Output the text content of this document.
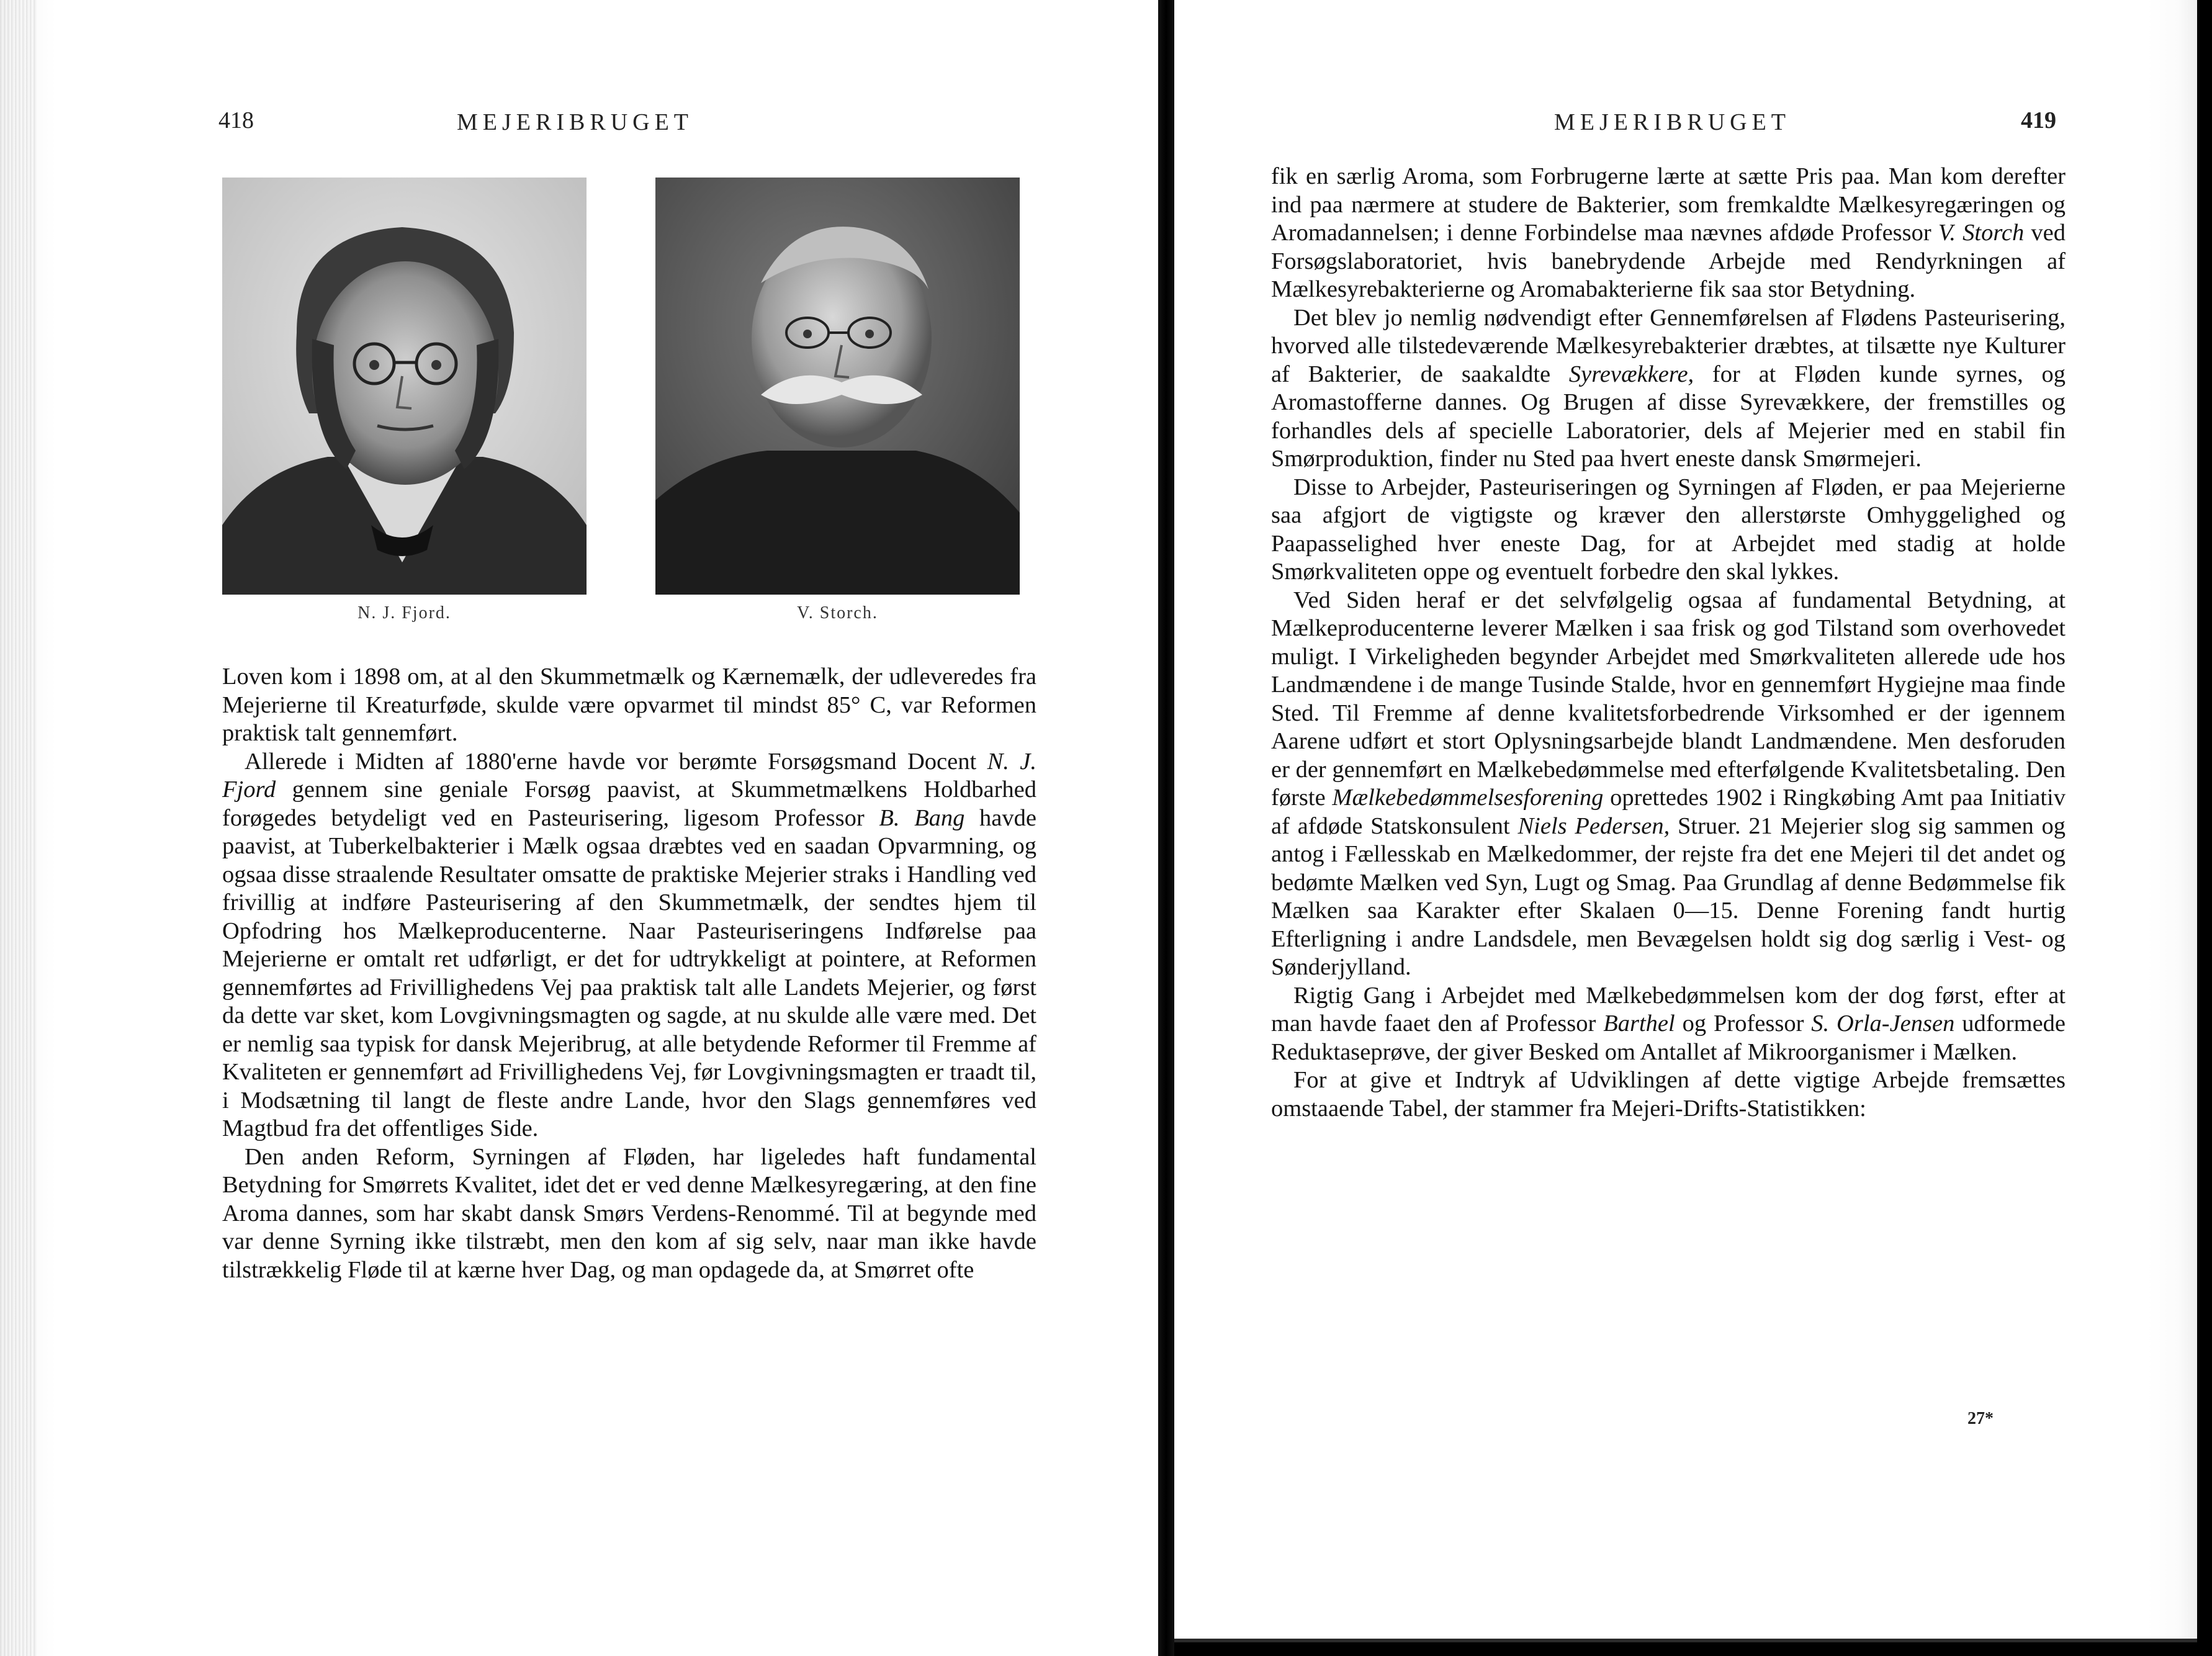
418	MEJERIBRUGET
N. J. Fjord.	V. Storch.

Loven kom i 1898 om, at al den Skummetmælk og Kærnemælk, der udleveredes fra Mejerierne til Kreaturføde, skulde være opvarmet til mindst 85° C, var Reformen praktisk talt gennemført.

Allerede i Midten af 1880'erne havde vor berømte Forsøgsmand Docent N. J. Fjord gennem sine geniale Forsøg paavist, at Skummetmælkens Holdbarhed forøgedes betydeligt ved en Pasteurisering, ligesom Professor B. Bang havde paavist, at Tuberkelbakterier i Mælk ogsaa dræbtes ved en saadan Opvarmning, og ogsaa disse straalende Resultater omsatte de praktiske Mejerier straks i Handling ved frivillig at indføre Pasteurisering af den Skummetmælk, der sendtes hjem til Opfodring hos Mælkeproducenterne. Naar Pasteuriseringens Indførelse paa Mejerierne er omtalt ret udførligt, er det for udtrykkeligt at pointere, at Reformen gennemførtes ad Frivillighedens Vej paa praktisk talt alle Landets Mejerier, og først da dette var sket, kom Lovgivningsmagten og sagde, at nu skulde alle være med. Det er nemlig saa typisk for dansk Mejeribrug, at alle betydende Reformer til Fremme af Kvaliteten er gennemført ad Frivillighedens Vej, før Lovgivningsmagten er traadt til, i Modsætning til langt de fleste andre Lande, hvor den Slags gennemføres ved Magtbud fra det offentliges Side.

Den anden Reform, Syrningen af Fløden, har ligeledes haft fundamental Betydning for Smørrets Kvalitet, idet det er ved denne Mælkesyregæring, at den fine Aroma dannes, som har skabt dansk Smørs Verdens-Renommé. Til at begynde med var denne Syrning ikke tilstræbt, men den kom af sig selv, naar man ikke havde tilstrækkelig Fløde til at kærne hver Dag, og man opdagede da, at Smørret ofte

MEJERIBRUGET	419

fik en særlig Aroma, som Forbrugerne lærte at sætte Pris paa. Man kom derefter ind paa nærmere at studere de Bakterier, som fremkaldte Mælkesyregæringen og Aromadannelsen; i denne Forbindelse maa nævnes afdøde Professor V. Storch ved Forsøgslaboratoriet, hvis banebrydende Arbejde med Rendyrkningen af Mælkesyrebakterierne og Aromabakterierne fik saa stor Betydning.

Det blev jo nemlig nødvendigt efter Gennemførelsen af Flødens Pasteurisering, hvorved alle tilstedeværende Mælkesyrebakterier dræbtes, at tilsætte nye Kulturer af Bakterier, de saakaldte Syrevækkere, for at Fløden kunde syrnes, og Aromastofferne dannes. Og Brugen af disse Syrevækkere, der fremstilles og forhandles dels af specielle Laboratorier, dels af Mejerier med en stabil fin Smørproduktion, finder nu Sted paa hvert eneste dansk Smørmejeri.

Disse to Arbejder, Pasteuriseringen og Syrningen af Fløden, er paa Mejerierne saa afgjort de vigtigste og kræver den allerstørste Omhyggelighed og Paapasselighed hver eneste Dag, for at Arbejdet med stadig at holde Smørkvaliteten oppe og eventuelt forbedre den skal lykkes.

Ved Siden heraf er det selvfølgelig ogsaa af fundamental Betydning, at Mælkeproducenterne leverer Mælken i saa frisk og god Tilstand som overhovedet muligt. I Virkeligheden begynder Arbejdet med Smørkvaliteten allerede ude hos Landmændene i de mange Tusinde Stalde, hvor en gennemført Hygiejne maa finde Sted. Til Fremme af denne kvalitetsforbedrende Virksomhed er der igennem Aarene udført et stort Oplysningsarbejde blandt Landmændene. Men desforuden er der gennemført en Mælkebedømmelse med efterfølgende Kvalitetsbetaling. Den første Mælkebedømmelsesforening oprettedes 1902 i Ringkøbing Amt paa Initiativ af afdøde Statskonsulent Niels Pedersen, Struer. 21 Mejerier slog sig sammen og antog i Fællesskab en Mælkedommer, der rejste fra det ene Mejeri til det andet og bedømte Mælken ved Syn, Lugt og Smag. Paa Grundlag af denne Bedømmelse fik Mælken saa Karakter efter Skalaen 0—15. Denne Forening fandt hurtig Efterligning i andre Landsdele, men Bevægelsen holdt sig dog særlig i Vest- og Sønderjylland.

Rigtig Gang i Arbejdet med Mælkebedømmelsen kom der dog først, efter at man havde faaet den af Professor Barthel og Professor S. Orla-Jensen udformede Reduktaseprøve, der giver Besked om Antallet af Mikroorganismer i Mælken.

For at give et Indtryk af Udviklingen af dette vigtige Arbejde fremsættes omstaaende Tabel, der stammer fra Mejeri-Drifts-Statistikken:

27*
